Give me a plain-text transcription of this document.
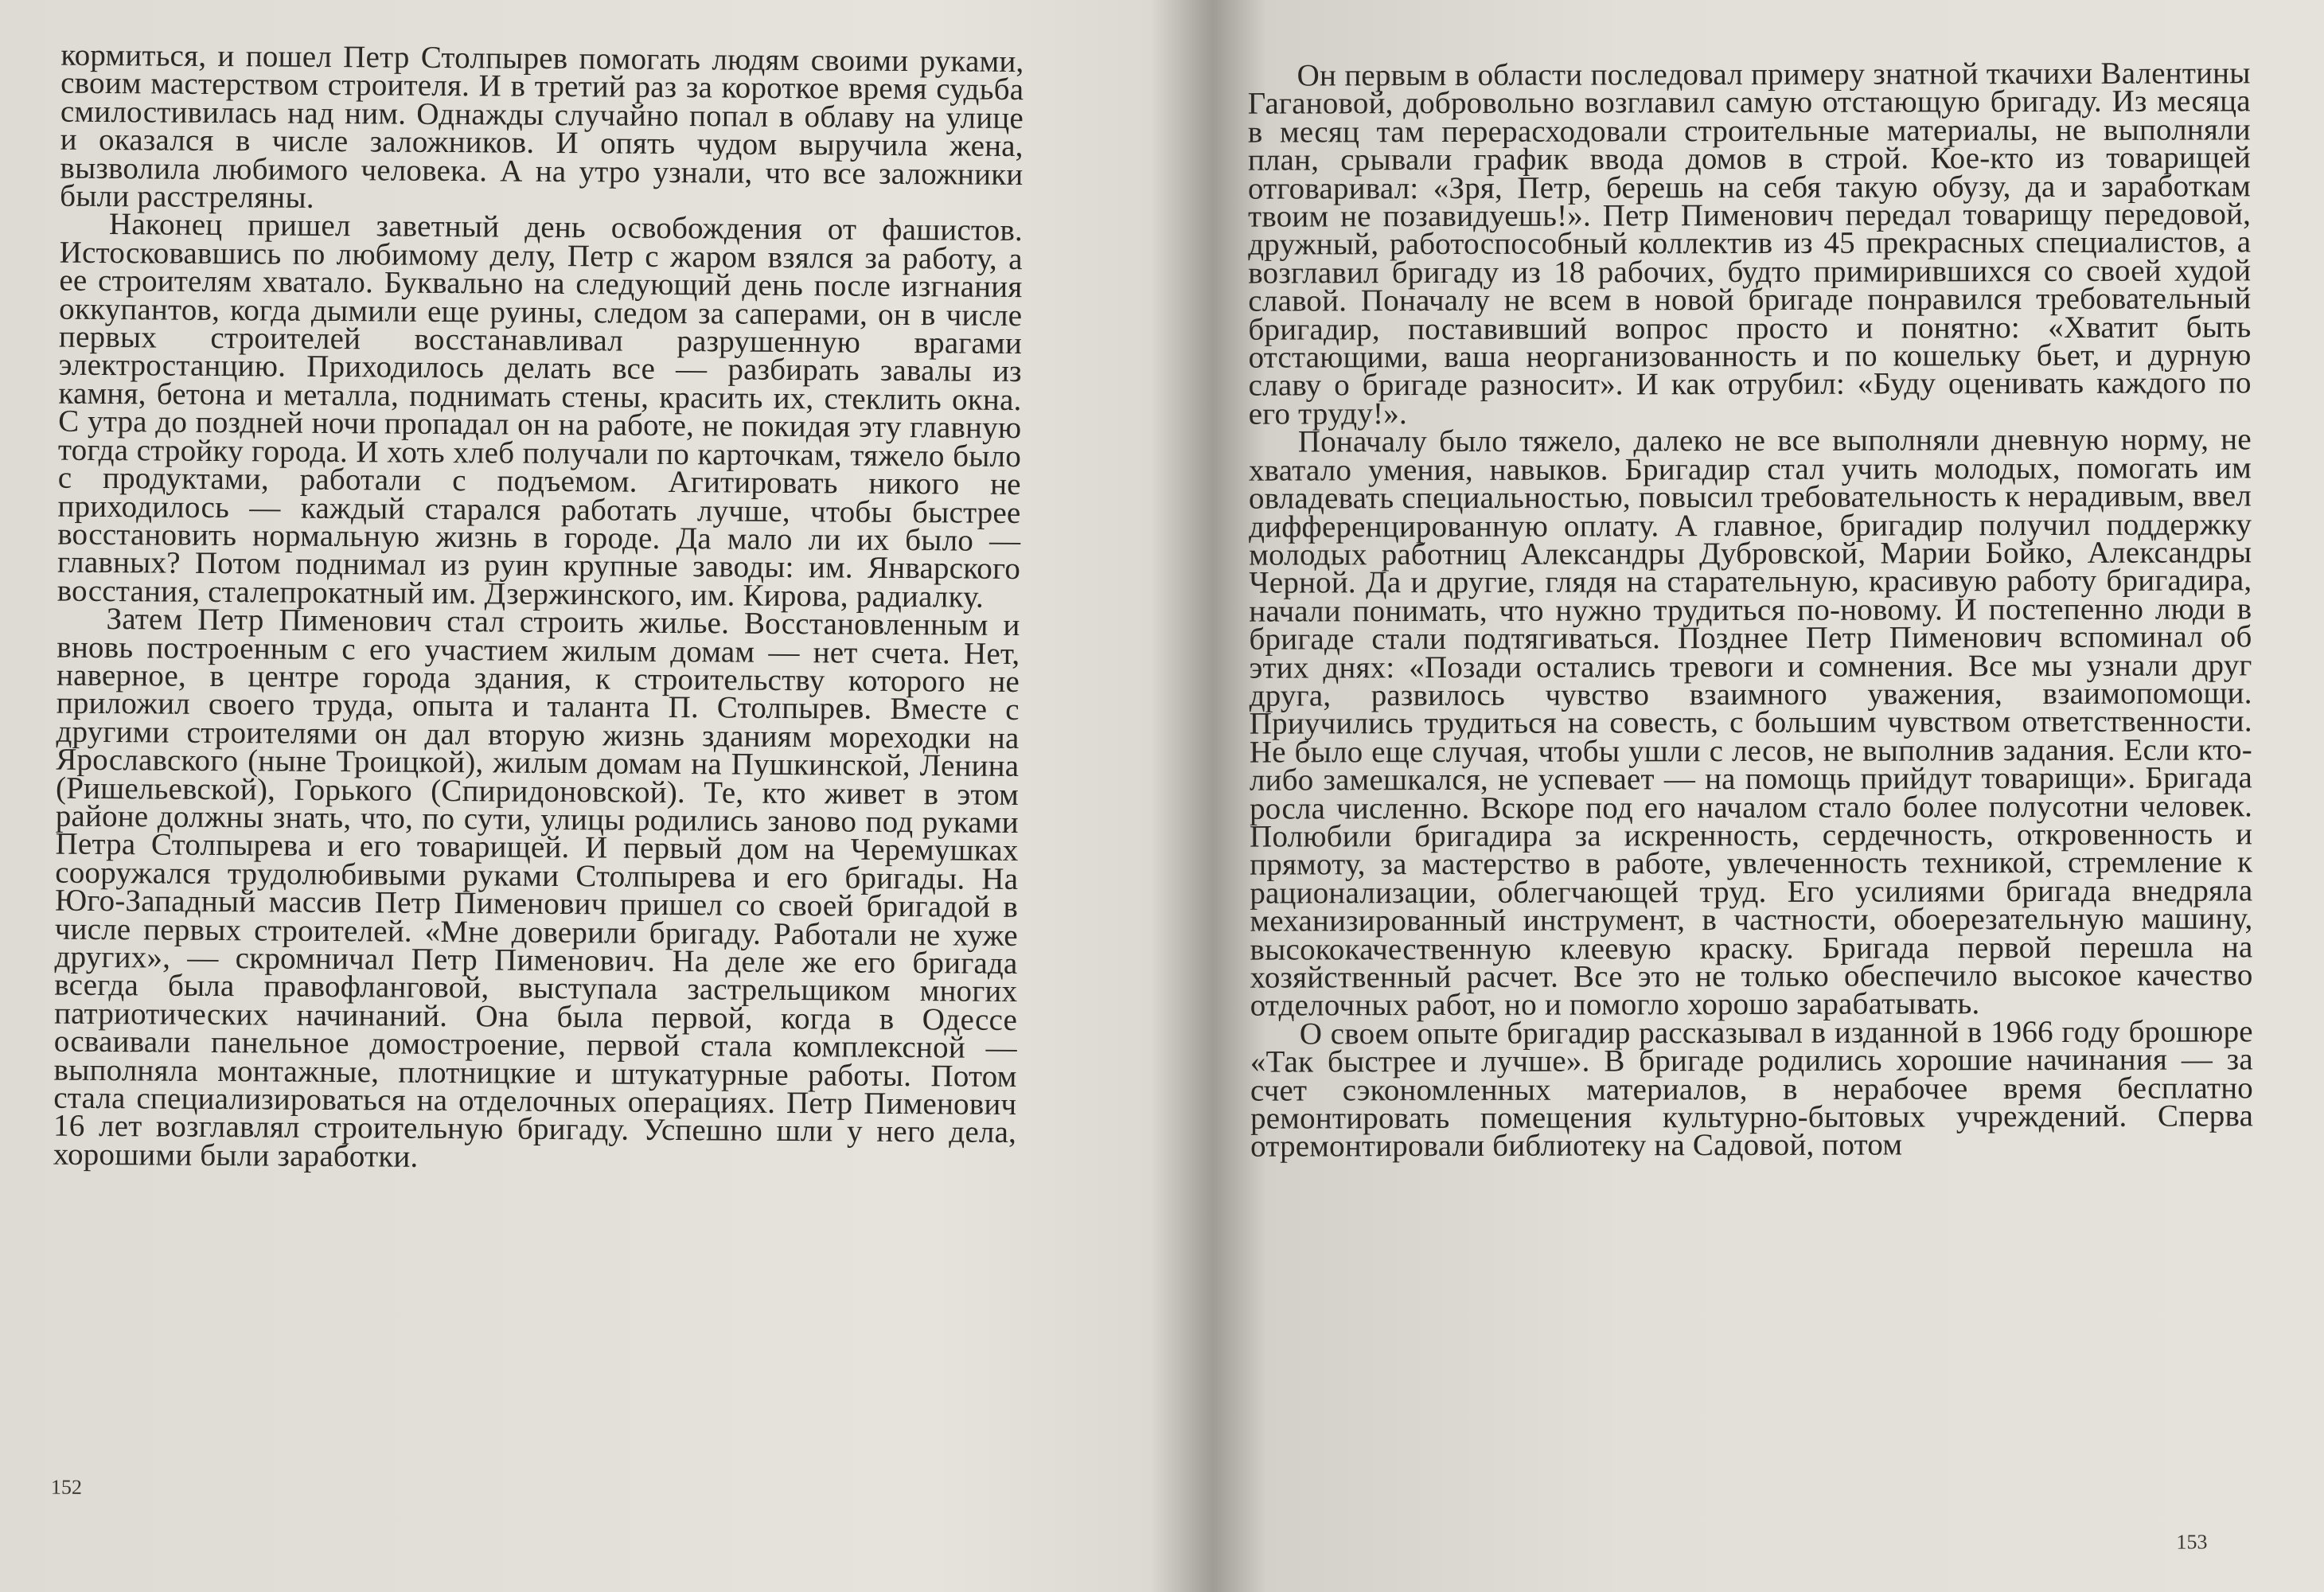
кормиться, и пошел Петр Столпырев помогать людям своими руками, своим мастерством строителя. И в третий раз за короткое время судьба смилостивилась над ним. Однажды случайно попал в облаву на улице и оказался в числе заложников. И опять чудом выручила жена, вызволила любимого человека. А на утро узнали, что все заложники были расстреляны.

Наконец пришел заветный день освобождения от фашистов. Истосковавшись по любимому делу, Петр с жаром взялся за работу, а ее строителям хватало. Буквально на следующий день после изгнания оккупантов, когда дымили еще руины, следом за саперами, он в числе первых строителей восстанавливал разрушенную врагами электростанцию. Приходилось делать все — разбирать завалы из камня, бетона и металла, поднимать стены, красить их, стеклить окна. С утра до поздней ночи пропадал он на работе, не покидая эту главную тогда стройку города. И хоть хлеб получали по карточкам, тяжело было с продуктами, работали с подъемом. Агитировать никого не приходилось — каждый старался работать лучше, чтобы быстрее восстановить нормальную жизнь в городе. Да мало ли их было — главных? Потом поднимал из руин крупные заводы: им. Январского восстания, сталепрокатный им. Дзержинского, им. Кирова, радиалку.

Затем Петр Пименович стал строить жилье. Восстановленным и вновь построенным с его участием жилым домам — нет счета. Нет, наверное, в центре города здания, к строительству которого не приложил своего труда, опыта и таланта П. Столпырев. Вместе с другими строителями он дал вторую жизнь зданиям мореходки на Ярославского (ныне Троицкой), жилым домам на Пушкинской, Ленина (Ришельевской), Горького (Спиридоновской). Те, кто живет в этом районе должны знать, что, по сути, улицы родились заново под руками Петра Столпырева и его товарищей. И первый дом на Черемушках сооружался трудолюбивыми руками Столпырева и его бригады. На Юго-Западный массив Петр Пименович пришел со своей бригадой в числе первых строителей. «Мне доверили бригаду. Работали не хуже других», — скромничал Петр Пименович. На деле же его бригада всегда была правофланговой, выступала застрельщиком многих патриотических начинаний. Она была первой, когда в Одессе осваивали панельное домостроение, первой стала комплексной — выполняла монтажные, плотницкие и штукатурные работы. Потом стала специализироваться на отделочных операциях. Петр Пименович 16 лет возглавлял строительную бригаду. Успешно шли у него дела, хорошими были заработки.

152

Он первым в области последовал примеру знатной ткачихи Валентины Гагановой, добровольно возглавил самую отстающую бригаду. Из месяца в месяц там перерасходовали строительные материалы, не выполняли план, срывали график ввода домов в строй. Кое-кто из товарищей отговаривал: «Зря, Петр, берешь на себя такую обузу, да и заработкам твоим не позавидуешь!». Петр Пименович передал товарищу передовой, дружный, работоспособный коллектив из 45 прекрасных специалистов, а возглавил бригаду из 18 рабочих, будто примирившихся со своей худой славой. Поначалу не всем в новой бригаде понравился требовательный бригадир, поставивший вопрос просто и понятно: «Хватит быть отстающими, ваша неорганизованность и по кошельку бьет, и дурную славу о бригаде разносит». И как отрубил: «Буду оценивать каждого по его труду!».

Поначалу было тяжело, далеко не все выполняли дневную норму, не хватало умения, навыков. Бригадир стал учить молодых, помогать им овладевать специальностью, повысил требовательность к нерадивым, ввел дифференцированную оплату. А главное, бригадир получил поддержку молодых работниц Александры Дубровской, Марии Бойко, Александры Черной. Да и другие, глядя на старательную, красивую работу бригадира, начали понимать, что нужно трудиться по-новому. И постепенно люди в бригаде стали подтягиваться. Позднее Петр Пименович вспоминал об этих днях: «Позади остались тревоги и сомнения. Все мы узнали друг друга, развилось чувство взаимного уважения, взаимопомощи. Приучились трудиться на совесть, с большим чувством ответственности. Не было еще случая, чтобы ушли с лесов, не выполнив задания. Если кто-либо замешкался, не успевает — на помощь прийдут товарищи». Бригада росла численно. Вскоре под его началом стало более полусотни человек. Полюбили бригадира за искренность, сердечность, откровенность и прямоту, за мастерство в работе, увлеченность техникой, стремление к рационализации, облегчающей труд. Его усилиями бригада внедряла механизированный инструмент, в частности, обоерезательную машину, высококачественную клеевую краску. Бригада первой перешла на хозяйственный расчет. Все это не только обеспечило высокое качество отделочных работ, но и помогло хорошо зарабатывать.

О своем опыте бригадир рассказывал в изданной в 1966 году брошюре «Так быстрее и лучше». В бригаде родились хорошие начинания — за счет сэкономленных материалов, в нерабочее время бесплатно ремонтировать помещения культурно-бытовых учреждений. Сперва отремонтировали библиотеку на Садовой, потом

153
